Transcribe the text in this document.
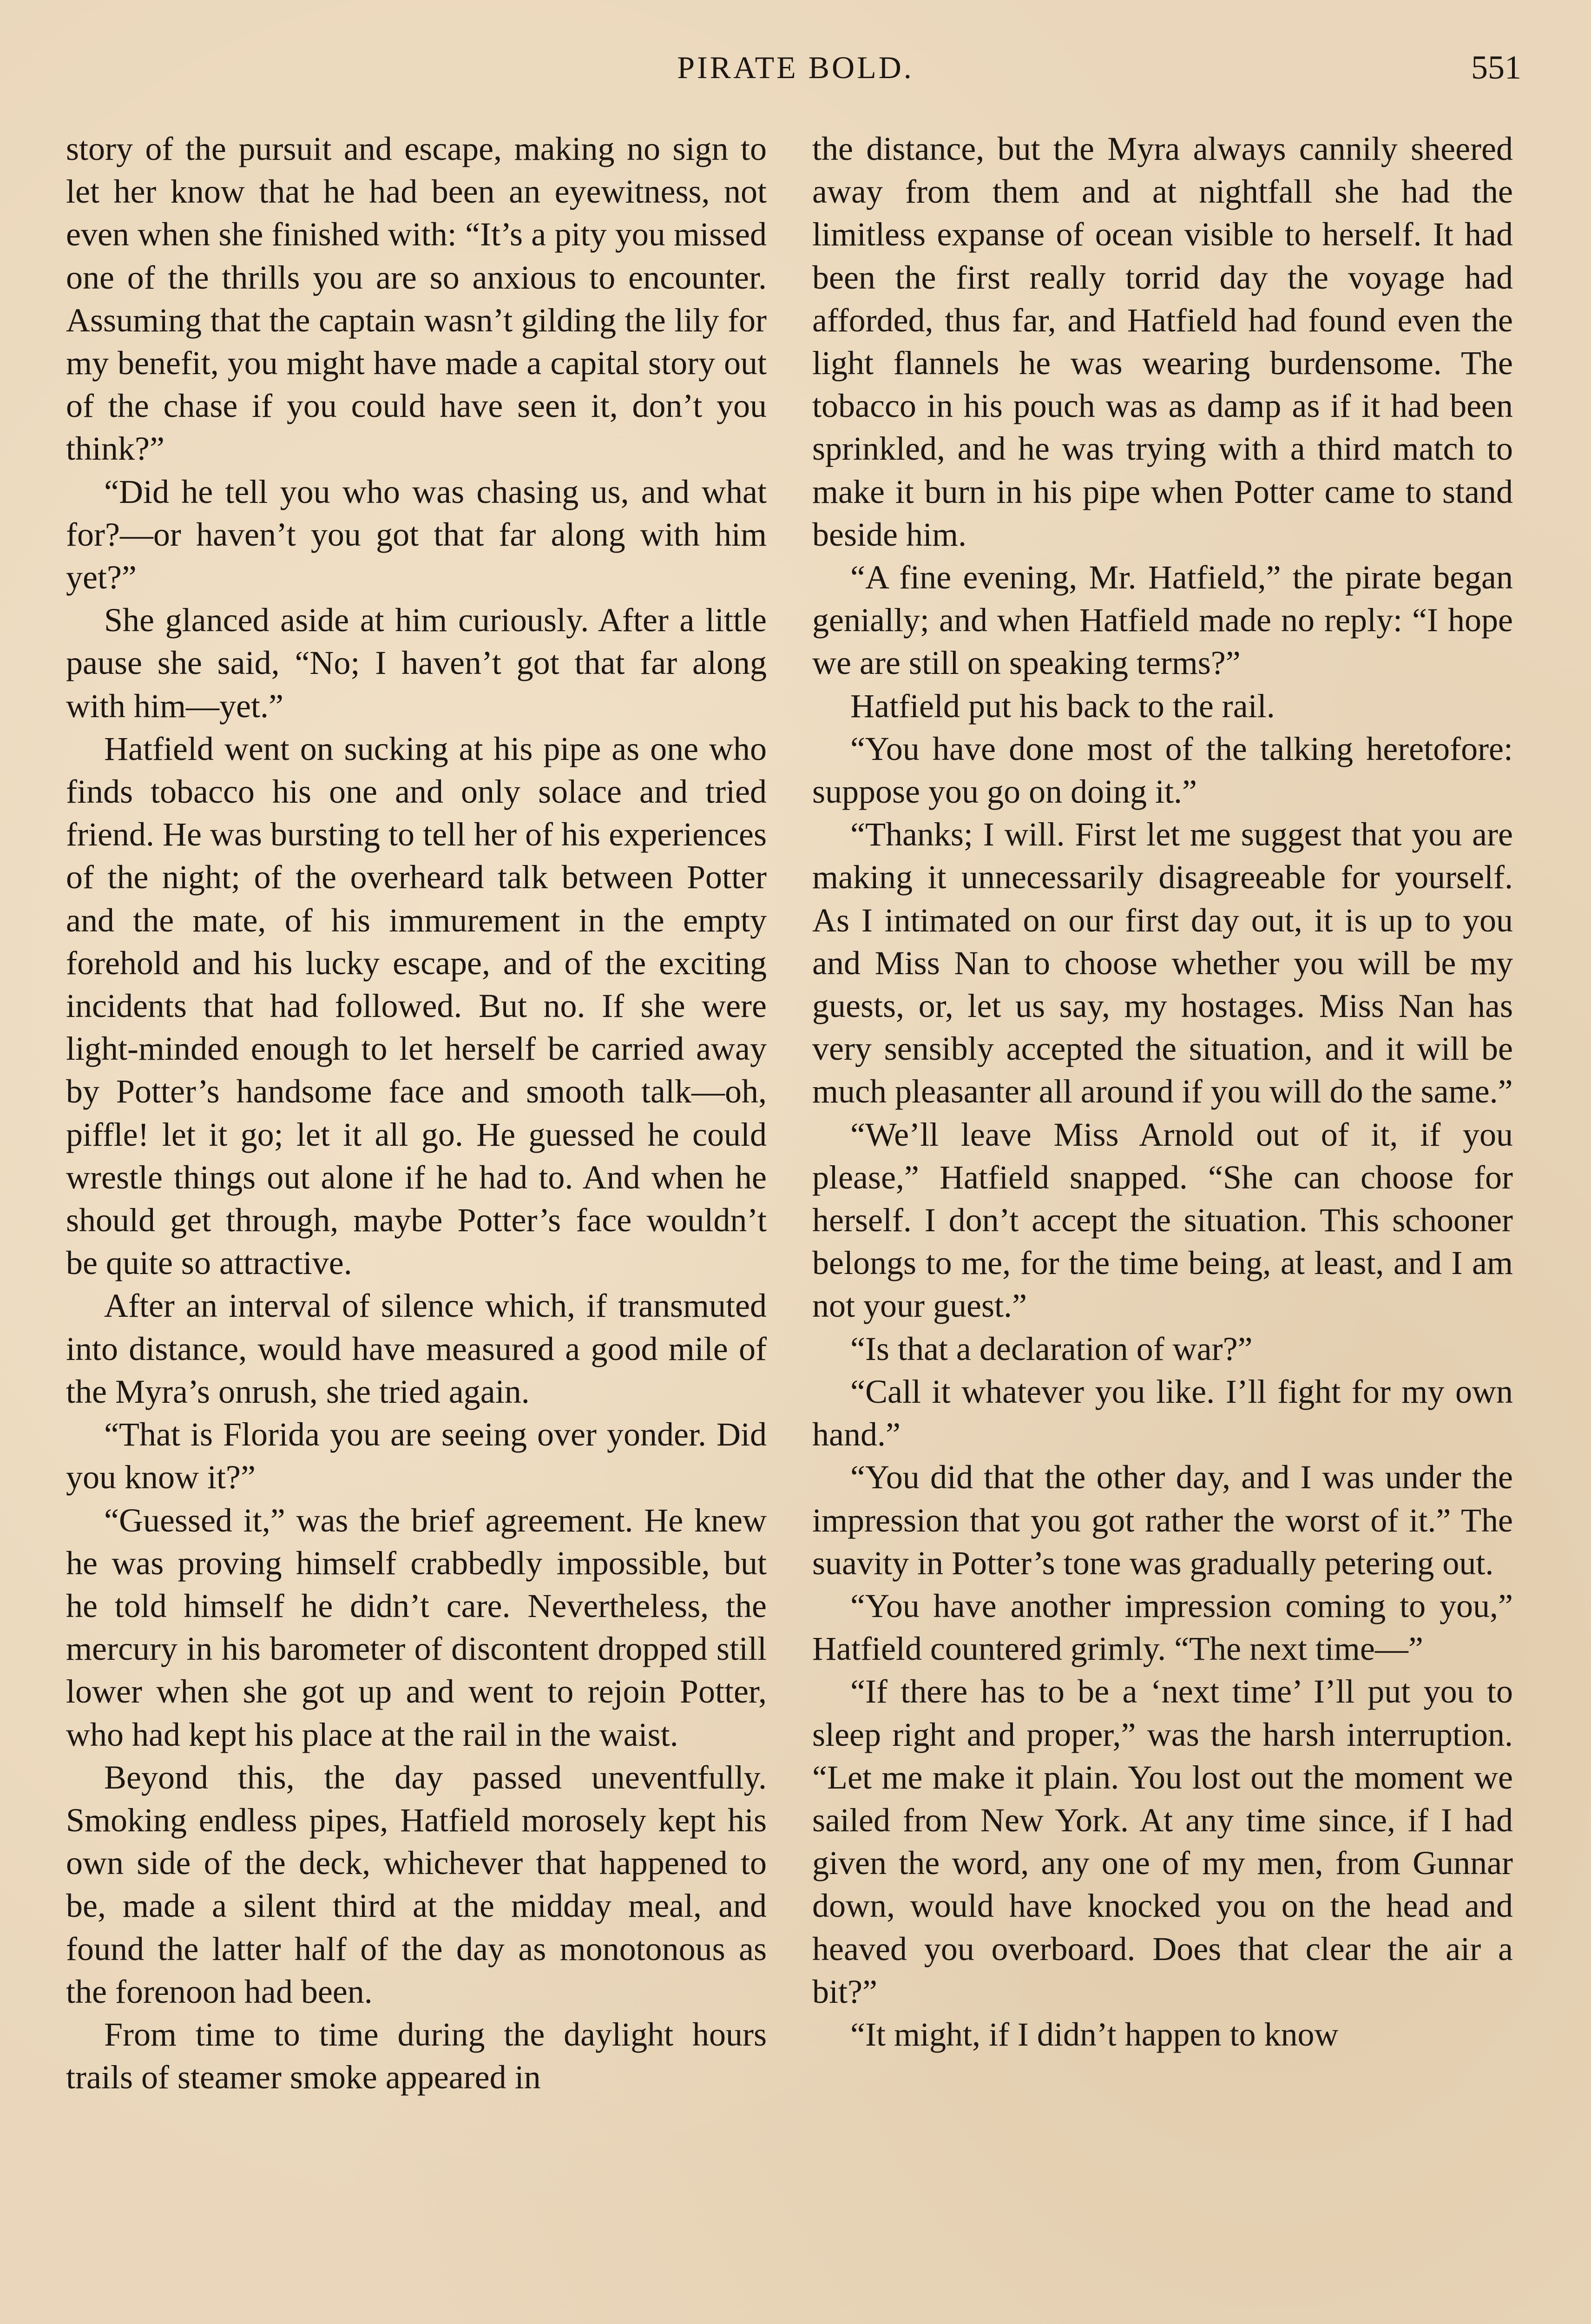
PIRATE BOLD.	551

story of the pursuit and escape, making no sign to let her know that he had been an eyewitness, not even when she finished with: “It’s a pity you missed one of the thrills you are so anxious to encounter. Assuming that the captain wasn’t gilding the lily for my benefit, you might have made a capital story out of the chase if you could have seen it, don’t you think?”

“Did he tell you who was chasing us, and what for?—or haven’t you got that far along with him yet?”

She glanced aside at him curiously. After a little pause she said, “No; I haven’t got that far along with him—yet.”

Hatfield went on sucking at his pipe as one who finds tobacco his one and only solace and tried friend. He was bursting to tell her of his experiences of the night; of the overheard talk between Potter and the mate, of his immurement in the empty forehold and his lucky escape, and of the exciting incidents that had followed. But no. If she were light-minded enough to let herself be carried away by Potter’s handsome face and smooth talk—oh, piffle! let it go; let it all go. He guessed he could wrestle things out alone if he had to. And when he should get through, maybe Potter’s face wouldn’t be quite so attractive.

After an interval of silence which, if transmuted into distance, would have measured a good mile of the Myra’s onrush, she tried again.

“That is Florida you are seeing over yonder. Did you know it?”

“Guessed it,” was the brief agreement. He knew he was proving himself crabbedly impossible, but he told himself he didn’t care. Nevertheless, the mercury in his barometer of discontent dropped still lower when she got up and went to rejoin Potter, who had kept his place at the rail in the waist.

Beyond this, the day passed uneventfully. Smoking endless pipes, Hatfield morosely kept his own side of the deck, whichever that happened to be, made a silent third at the midday meal, and found the latter half of the day as monotonous as the forenoon had been.

From time to time during the daylight hours trails of steamer smoke appeared in

the distance, but the Myra always cannily sheered away from them and at nightfall she had the limitless expanse of ocean visible to herself. It had been the first really torrid day the voyage had afforded, thus far, and Hatfield had found even the light flannels he was wearing burdensome. The tobacco in his pouch was as damp as if it had been sprinkled, and he was trying with a third match to make it burn in his pipe when Potter came to stand beside him.

“A fine evening, Mr. Hatfield,” the pirate began genially; and when Hatfield made no reply: “I hope we are still on speaking terms?”

Hatfield put his back to the rail.

“You have done most of the talking heretofore: suppose you go on doing it.”

“Thanks; I will. First let me suggest that you are making it unnecessarily disagreeable for yourself. As I intimated on our first day out, it is up to you and Miss Nan to choose whether you will be my guests, or, let us say, my hostages. Miss Nan has very sensibly accepted the situation, and it will be much pleasanter all around if you will do the same.”

“We’ll leave Miss Arnold out of it, if you please,” Hatfield snapped. “She can choose for herself. I don’t accept the situation. This schooner belongs to me, for the time being, at least, and I am not your guest.”

“Is that a declaration of war?”

“Call it whatever you like. I’ll fight for my own hand.”

“You did that the other day, and I was under the impression that you got rather the worst of it.” The suavity in Potter’s tone was gradually petering out.

“You have another impression coming to you,” Hatfield countered grimly. “The next time—”

“If there has to be a ‘next time’ I’ll put you to sleep right and proper,” was the harsh interruption. “Let me make it plain. You lost out the moment we sailed from New York. At any time since, if I had given the word, any one of my men, from Gunnar down, would have knocked you on the head and heaved you overboard. Does that clear the air a bit?”

“It might, if I didn’t happen to know
